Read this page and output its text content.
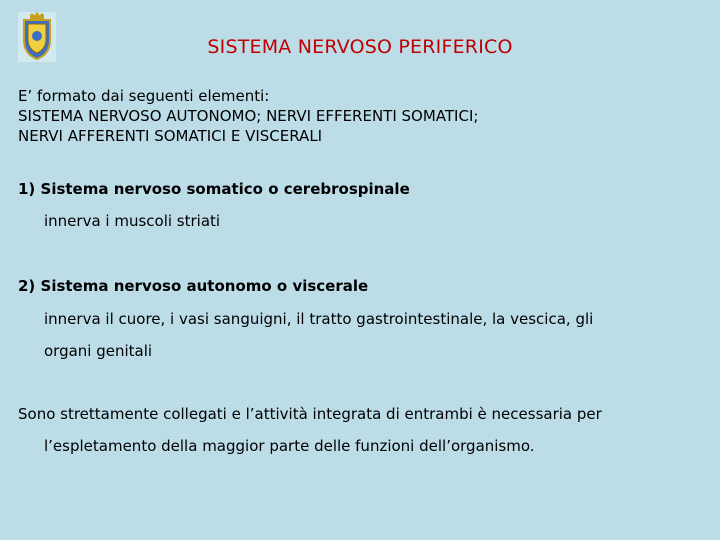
SISTEMA NERVOSO PERIFERICO
E’ formato dai seguenti elementi:
SISTEMA NERVOSO AUTONOMO; NERVI EFFERENTI SOMATICI;
NERVI AFFERENTI SOMATICI E VISCERALI
1) Sistema nervoso somatico o cerebrospinale
innerva i muscoli striati
2) Sistema nervoso autonomo o viscerale
innerva il cuore, i vasi sanguigni, il tratto gastrointestinale, la vescica, gli
organi genitali
Sono strettamente collegati e l’attività integrata di entrambi è necessaria per
l’espletamento della maggior parte delle funzioni dell’organismo.
